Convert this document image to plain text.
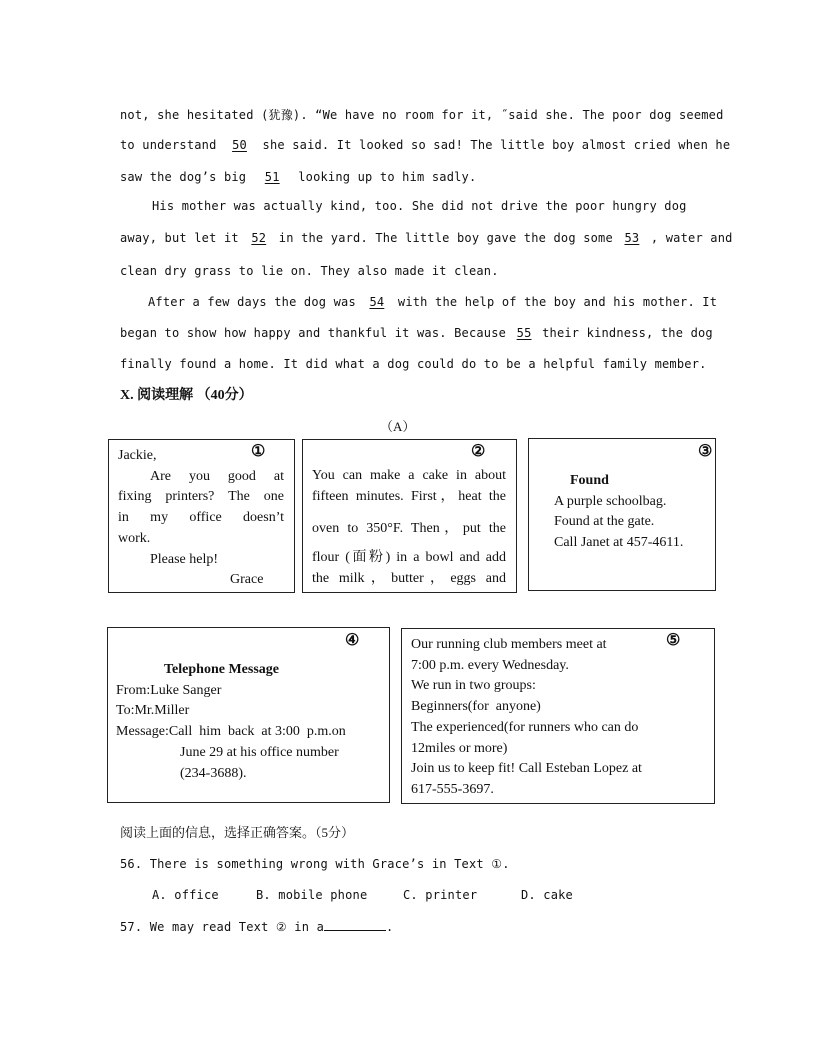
not, she hesitated (犹豫). “We have no room for it, ˝said she. The poor dog seemed
to understand 50 she said. It looked so sad! The little boy almost cried when he
saw the dog’s big 51 looking up to him sadly.
His mother was actually kind, too. She did not drive the poor hungry dog
away, but let it 52 in the yard. The little boy gave the dog some 53 , water and
clean dry grass to lie on. They also made it clean.
After a few days the dog was 54 with the help of the boy and his mother. It
began to show how happy and thankful it was. Because 55 their kindness, the dog
finally found a home. It did what a dog could do to be a helpful family member.
X. 阅读理解 （40分）
（A）
①
Jackie,
Are you good at
fixing printers? The one
in my office doesn’t
work.
Please help!
Grace
②
You can make a cake in about
fifteen minutes. First，heat the
oven to 350°F. Then，put the
flour (面粉) in a bowl and add
the milk，butter，eggs and
③
Found
A purple schoolbag.
Found at the gate.
Call Janet at 457-4611.
④
Telephone Message
From:Luke Sanger
To:Mr.Miller
Message:Call  him  back  at 3:00  p.m.on
June 29 at his office number
(234-3688).
⑤
Our running club members meet at
7:00 p.m. every Wednesday.
We run in two groups:
Beginners(for  anyone)
The experienced(for runners who can do
12miles or more)
Join us to keep fit! Call Esteban Lopez at
617-555-3697.
阅读上面的信息，选择正确答案。（5分）
56. There is something wrong with Grace’s in Text ①.
A. office	B. mobile phone	C. printer	D. cake
57. We may read Text ② in a	.
